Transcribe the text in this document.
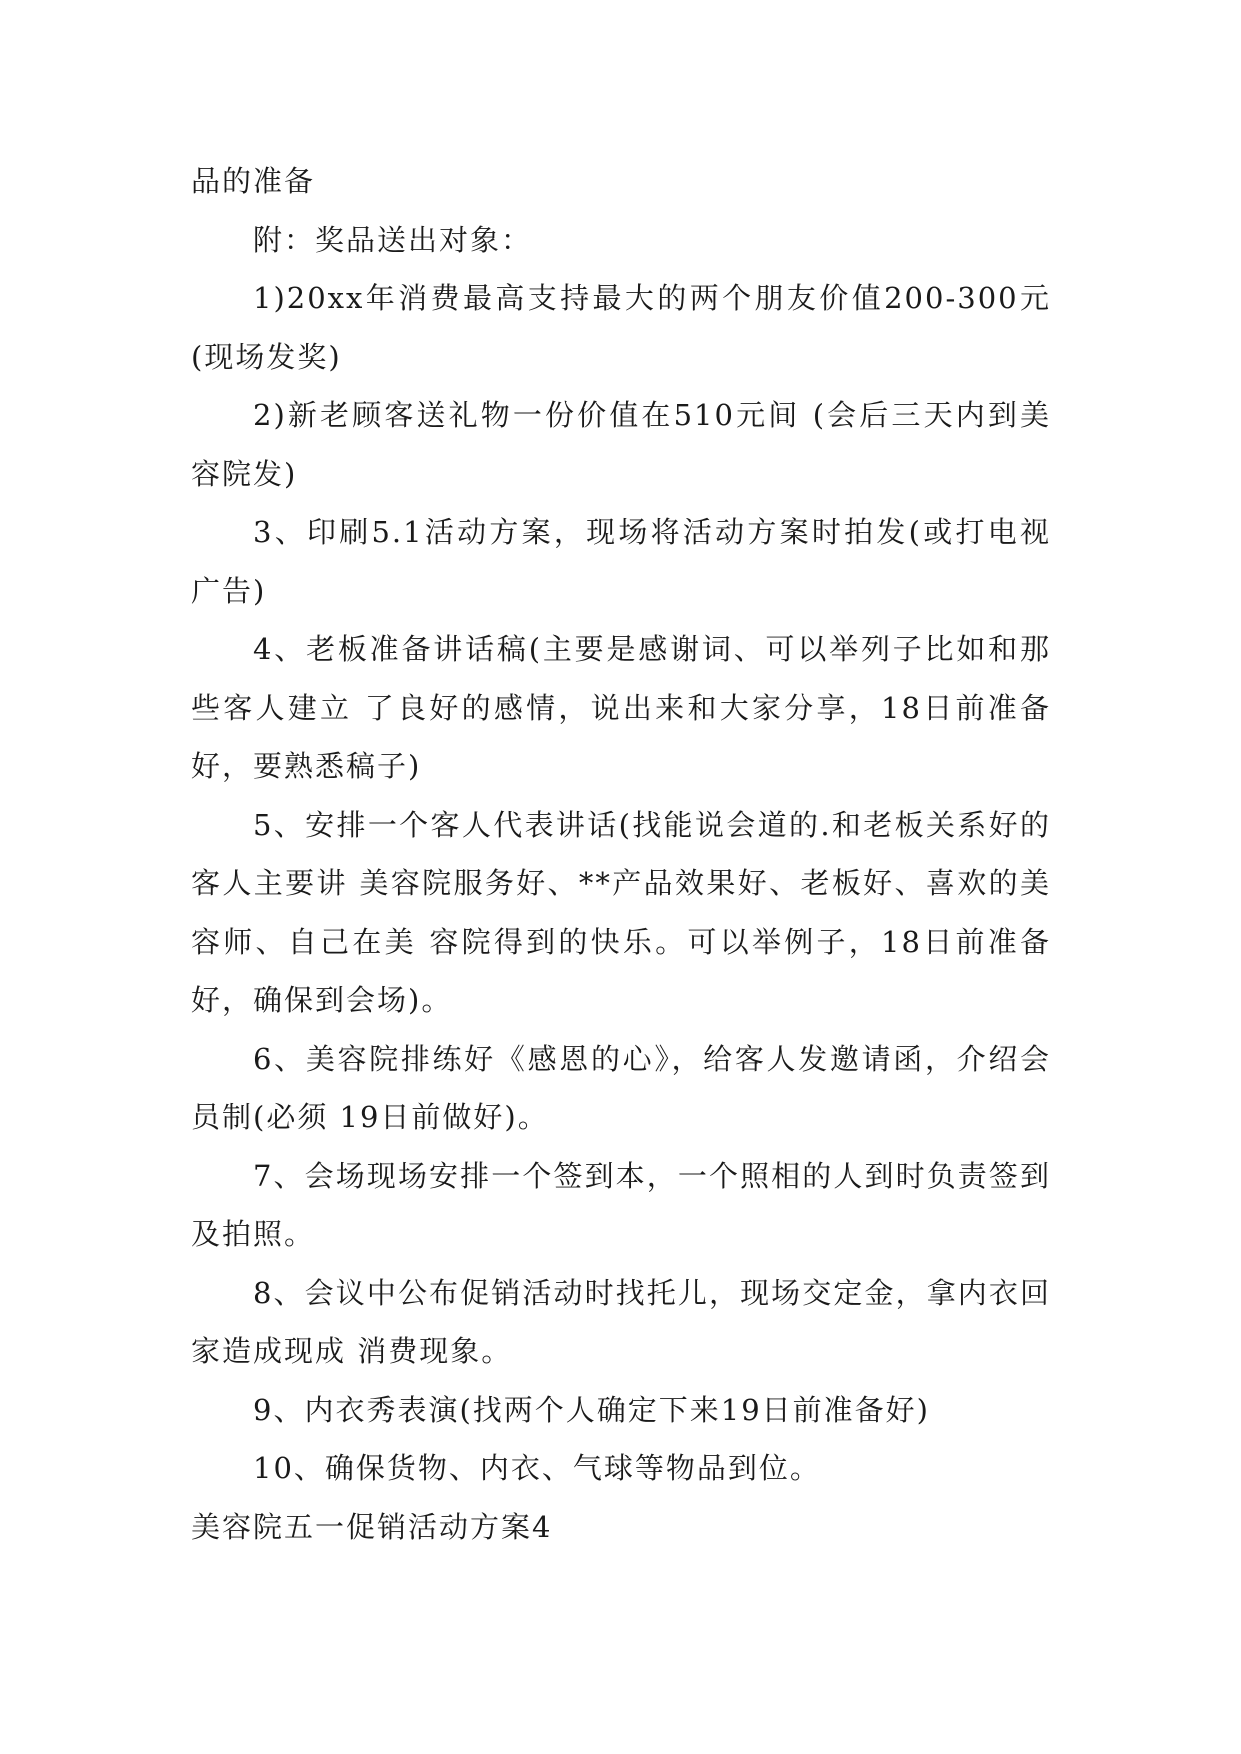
品的准备

附：奖品送出对象：

1)20xx年消费最高支持最大的两个朋友价值200-300元(现场发奖)

2)新老顾客送礼物一份价值在510元间 (会后三天内到美容院发)

3、印刷5.1活动方案，现场将活动方案时拍发(或打电视广告)

4、老板准备讲话稿(主要是感谢词、可以举列子比如和那些客人建立 了良好的感情，说出来和大家分享，18日前准备好，要熟悉稿子)

5、安排一个客人代表讲话(找能说会道的.和老板关系好的客人主要讲 美容院服务好、**产品效果好、老板好、喜欢的美容师、自己在美 容院得到的快乐。可以举例子，18日前准备好，确保到会场)。

6、美容院排练好《感恩的心》，给客人发邀请函，介绍会员制(必须 19日前做好)。

7、会场现场安排一个签到本，一个照相的人到时负责签到及拍照。

8、会议中公布促销活动时找托儿，现场交定金，拿内衣回家造成现成 消费现象。

9、内衣秀表演(找两个人确定下来19日前准备好)

10、确保货物、内衣、气球等物品到位。

美容院五一促销活动方案4
